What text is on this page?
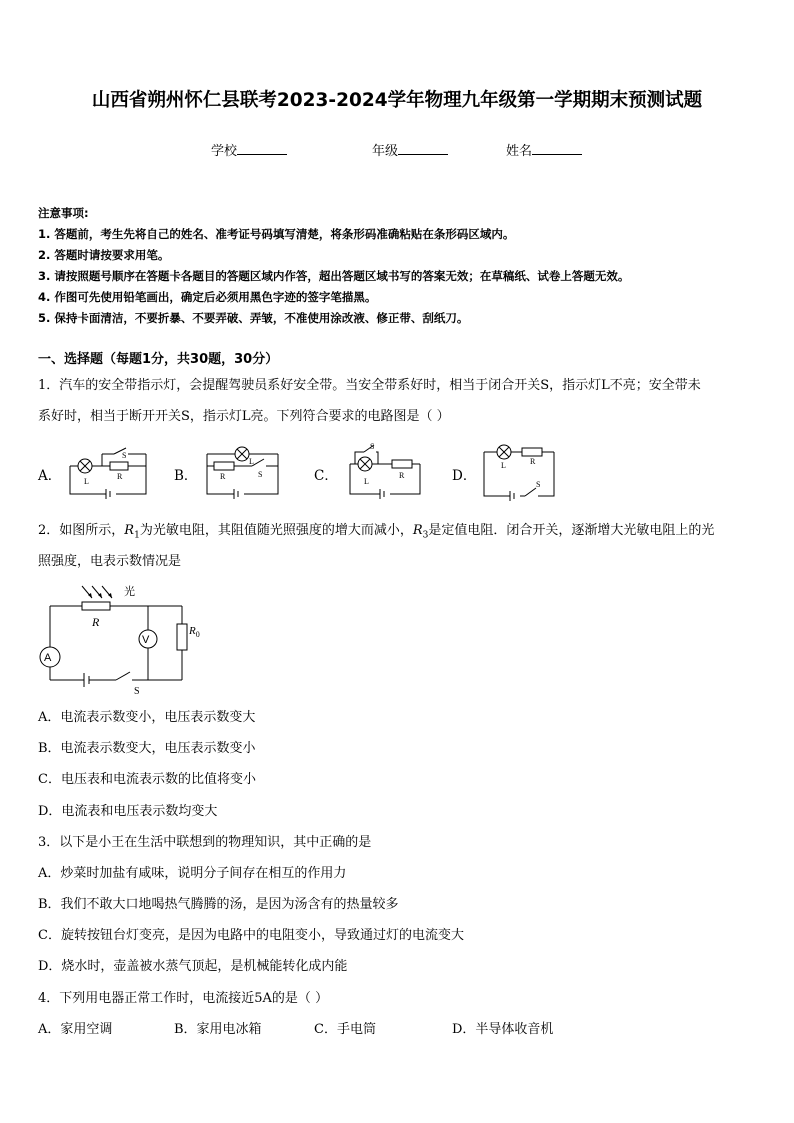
山西省朔州怀仁县联考2023-2024学年物理九年级第一学期期末预测试题
学校	年级	姓名
注意事项:
1. 答题前，考生先将自己的姓名、准考证号码填写清楚，将条形码准确粘贴在条形码区域内。
2. 答题时请按要求用笔。
3. 请按照题号顺序在答题卡各题目的答题区域内作答，超出答题区域书写的答案无效；在草稿纸、试卷上答题无效。
4. 作图可先使用铅笔画出，确定后必须用黑色字迹的签字笔描黑。
5. 保持卡面清洁，不要折暴、不要弄破、弄皱，不准使用涂改液、修正带、刮纸刀。
一、选择题（每题1分，共30题，30分）
1．汽车的安全带指示灯，会提醒驾驶员系好安全带。当安全带系好时，相当于闭合开关S，指示灯L不亮；安全带未
系好时，相当于断开开关S，指示灯L亮。下列符合要求的电路图是（ ）
A．	B．	C．	D．
L
R
S
L
R	S
S
L
R
L	R
S
2．如图所示，$R_1$为光敏电阻，其阻值随光照强度的增大而减小，$R_3$是定值电阻．闭合开关，逐渐增大光敏电阻上的光
照强度，电表示数情况是
光
R
V
A
$R_0$
S
A．电流表示数变小，电压表示数变大
B．电流表示数变大，电压表示数变小
C．电压表和电流表示数的比值将变小
D．电流表和电压表示数均变大
3．以下是小王在生活中联想到的物理知识，其中正确的是
A．炒菜时加盐有咸味，说明分子间存在相互的作用力
B．我们不敢大口地喝热气腾腾的汤，是因为汤含有的热量较多
C．旋转按钮台灯变亮，是因为电路中的电阻变小，导致通过灯的电流变大
D．烧水时，壶盖被水蒸气顶起，是机械能转化成内能
4．下列用电器正常工作时，电流接近5A的是（ ）
A．家用空调	B．家用电冰箱	C．手电筒	D．半导体收音机
